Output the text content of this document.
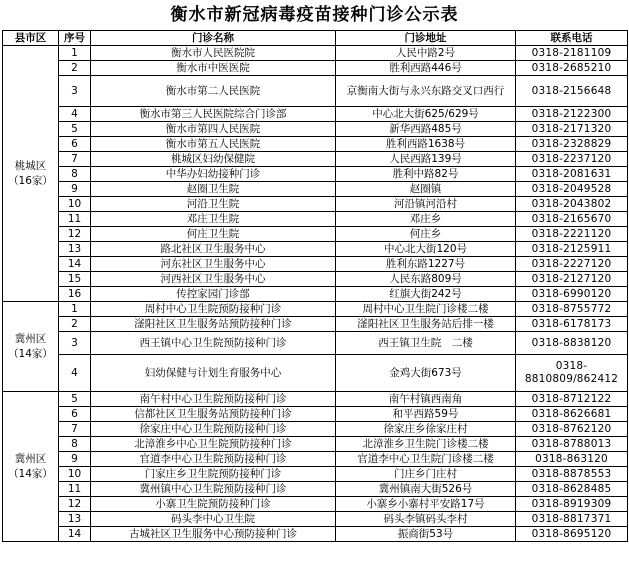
衡水市新冠病毒疫苗接种门诊公示表
县市区	序号	门诊名称	门诊地址	联系电话

桃城区
（16家）	1	衡水市人民医院院	人民中路2号	0318-2181109
	2	衡水市中医医院	胜利西路446号	0318-2685210
	3	衡水市第二人民医院	京衡南大街与永兴东路交叉口西行	0318-2156648
	4	衡水市第三人民医院综合门诊部	中心北大街625/629号	0318-2122300
	5	衡水市第四人民医院	新华西路485号	0318-2171320
	6	衡水市第五人民医院	胜利西路1638号	0318-2328829
	7	桃城区妇幼保健院	人民西路139号	0318-2237120
	8	中华办妇幼接种门诊	胜利中路82号	0318-2081631
	9	赵圈卫生院	赵圈镇	0318-2049528
	10	河沿卫生院	河沿镇河沿村	0318-2043802
	11	邓庄卫生院	邓庄乡	0318-2165670
	12	何庄卫生院	何庄乡	0318-2221120
	13	路北社区卫生服务中心	中心北大街120号	0318-2125911
	14	河东社区卫生服务中心	胜利东路1227号	0318-2227120
	15	河西社区卫生服务中心	人民东路809号	0318-2127120
	16	传控家园门诊部	红旗大街242号	0318-6990120

冀州区
（14家）	1	周村中心卫生院预防接种门诊	周村中心卫生院门诊楼二楼	0318-8755772
	2	滏阳社区卫生服务站预防接种门诊	滏阳社区卫生服务站后排一楼	0318-6178173
	3	西王镇中心卫生院预防接种门诊	西王镇卫生院　二楼	0318-8838120
	4	妇幼保健与计划生育服务中心	金鸡大街673号	0318-8810809/862412

冀州区
（14家）	5	南午村中心卫生院预防接种门诊	南午村镇西南角	0318-8712122
	6	信都社区卫生服务站预防接种门诊	和平西路59号	0318-8626681
	7	徐家庄中心卫生院预防接种门诊	徐家庄乡徐家庄村	0318-8762120
	8	北漳淮乡中心卫生院预防接种门诊	北漳淮乡卫生院门诊楼二楼	0318-8788013
	9	官道李中心卫生院预防接种门诊	官道李中心卫生院门诊楼二楼	0318-863120
	10	门家庄乡卫生院预防接种门诊	门庄乡门庄村	0318-8878553
	11	冀州镇中心卫生院预防接种门诊	冀州镇南大街526号	0318-8628485
	12	小寨卫生院预防接种门诊	小寨乡小寨村平安路17号	0318-8919309
	13	码头李中心卫生院	码头李镇码头李村	0318-8817371
	14	古城社区卫生服务中心预防接种门诊	振商街53号	0318-8695120
